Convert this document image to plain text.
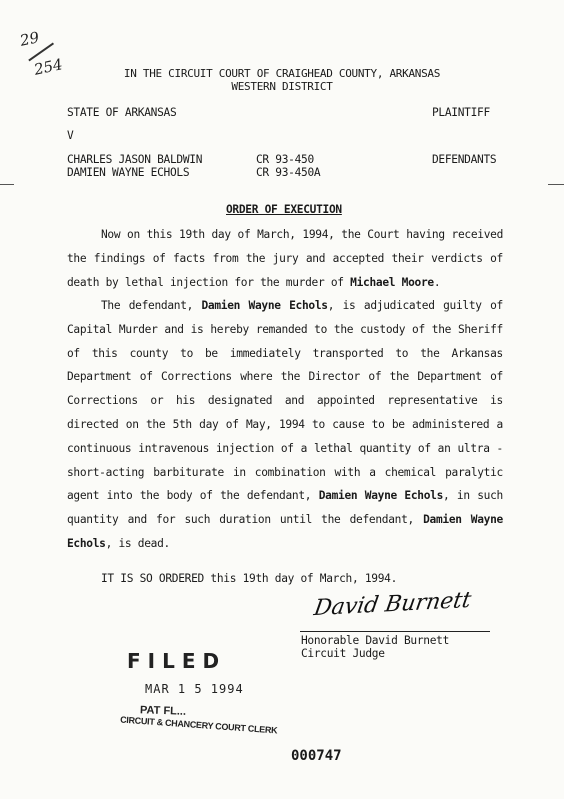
29
254	IN THE CIRCUIT COURT OF CRAIGHEAD COUNTY, ARKANSAS
WESTERN DISTRICT
STATE OF ARKANSAS	PLAINTIFF
V
CHARLES JASON BALDWIN	CR 93-450	DEFENDANTS
DAMIEN WAYNE ECHOLS	CR 93-450A
ORDER OF EXECUTION
Now on this 19th day of March, 1994, the Court having received the findings of facts from the jury and accepted their verdicts of death by lethal injection for the murder of Michael Moore.
The defendant, Damien Wayne Echols, is adjudicated guilty of Capital Murder and is hereby remanded to the custody of the Sheriff of this county to be immediately transported to the Arkansas Department of Corrections where the Director of the Department of Corrections or his designated and appointed representative is directed on the 5th day of May, 1994 to cause to be administered a continuous intravenous injection of a lethal quantity of an ultra - short-acting barbiturate in combination with a chemical paralytic agent into the body of the defendant, Damien Wayne Echols, in such quantity and for such duration until the defendant, Damien Wayne Echols, is dead.
IT IS SO ORDERED this 19th day of March, 1994.
David Burnett
Honorable David Burnett
Circuit Judge
FILED
MAR 1 5 1994
PAT FL...
CIRCUIT & CHANCERY COURT CLERK
000747
